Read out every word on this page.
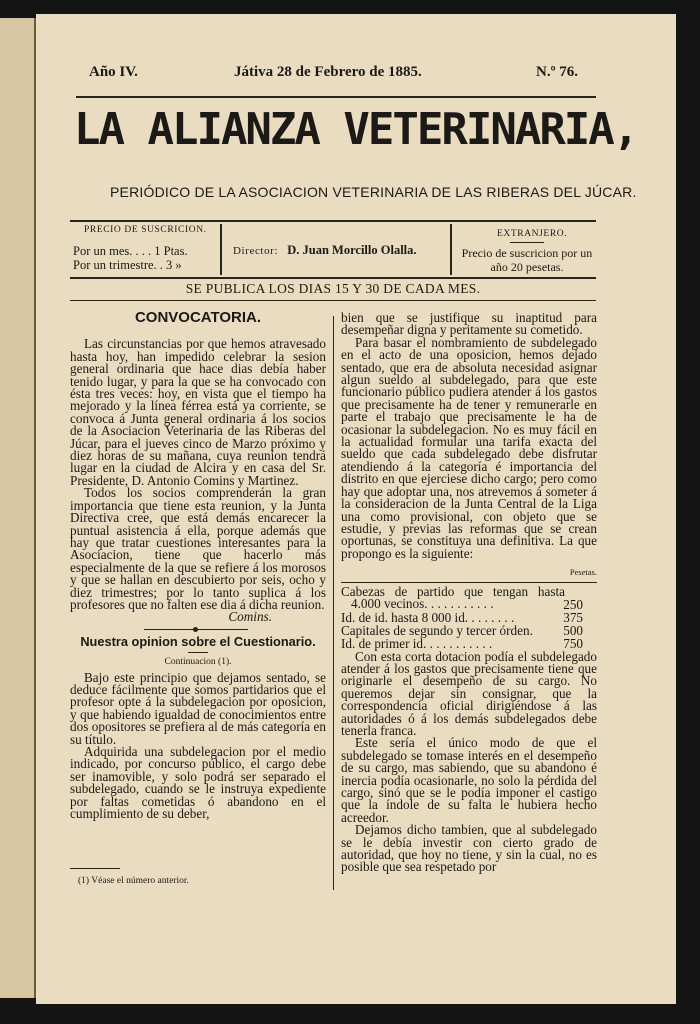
Año IV.	Játiva 28 de Febrero de 1885.	N.º 76.
LA ALIANZA VETERINARIA,
PERIÓDICO DE LA ASOCIACION VETERINARIA DE LAS RIBERAS DEL JÚCAR.
PRECIO DE SUSCRICION.
Por un mes. . . . 1 Ptas.
Por un trimestre. . 3 »
Director: D. Juan Morcillo Olalla.
EXTRANJERO.
Precio de suscricion por un
año 20 pesetas.
SE PUBLICA LOS DIAS 15 Y 30 DE CADA MES.
CONVOCATORIA.

Las circunstancias por que hemos atravesado hasta hoy, han impedido celebrar la sesion general ordinaria que hace dias debía haber tenido lugar, y para la que se ha convocado con ésta tres veces: hoy, en vista que el tiempo ha mejorado y la línea férrea está ya corriente, se convoca á Junta general ordinaria á los socios de la Asociacion Veterinaria de las Riberas del Júcar, para el jueves cinco de Marzo próximo y diez horas de su mañana, cuya reunion tendrá lugar en la ciudad de Alcira y en casa del Sr. Presidente, D. Antonio Comins y Martinez.

Todos los socios comprenderán la gran importancia que tiene esta reunion, y la Junta Directiva cree, que está demás encarecer la puntual asistencia á ella, porque además que hay que tratar cuestiones interesantes para la Asociacion, tiene que hacerlo más especialmente de la que se refiere á los morosos y que se hallan en descubierto por seis, ocho y diez trimestres; por lo tanto suplica á los profesores que no falten ese dia á dicha reunion.

Comins.
Nuestra opinion sobre el Cuestionario.
Continuacion (1).

Bajo este principio que dejamos sentado, se deduce fácilmente que somos partidarios que el profesor opte á la subdelegacion por oposicion, y que habiendo igualdad de conocimientos entre dos opositores se prefiera al de más categoría en su título.

Adquirida una subdelegacion por el medio indicado, por concurso público, el cargo debe ser inamovible, y solo podrá ser separado el subdelegado, cuando se le instruya expediente por faltas cometidas ó abandono en el cumplimiento de su deber,

(1) Véase el número anterior.

bien que se justifique su inaptitud para desempeñar digna y peritamente su cometido.

Para basar el nombramiento de subdelegado en el acto de una oposicion, hemos dejado sentado, que era de absoluta necesidad asignar algun sueldo al subdelegado, para que este funcionario público pudiera atender á los gastos que precisamente ha de tener y remunerarle en parte el trabajo que precisamente le ha de ocasionar la subdelegacion. No es muy fácil en la actualidad formular una tarifa exacta del sueldo que cada subdelegado debe disfrutar atendiendo á la categoría é importancia del distrito en que ejerciese dicho cargo; pero como hay que adoptar una, nos atrevemos á someter á la consideracion de la Junta Central de la Liga una como provisional, con objeto que se estudie, y previas las reformas que se crean oportunas, se constituya una definitiva. La que propongo es la siguiente:

Pesetas.
Cabezas de partido que tengan hasta 4.000 vecinos. . . . . . . . . . .	250
Id. de id. hasta 8 000 id. . . . . . . .	375
Capitales de segundo y tercer órden. 500
Id. de primer id. . . . . . . . . . .	750

Con esta corta dotacion podía el subdelegado atender á los gastos que precisamente tiene que originarle el desempeño de su cargo. No queremos dejar sin consignar, que la correspondencia oficial dirigiéndose á las autoridades ó á los demás subdelegados debe tenerla franca.

Este sería el único modo de que el subdelegado se tomase interés en el desempeño de su cargo, mas sabiendo, que su abandono é inercia podía ocasionarle, no solo la pérdida del cargo, sinó que se le podía imponer el castigo que la índole de su falta le hubiera hecho acreedor.

Dejamos dicho tambien, que al subdelegado se le debía investir con cierto grado de autoridad, que hoy no tiene, y sin la cual, no es posible que sea respetado por
